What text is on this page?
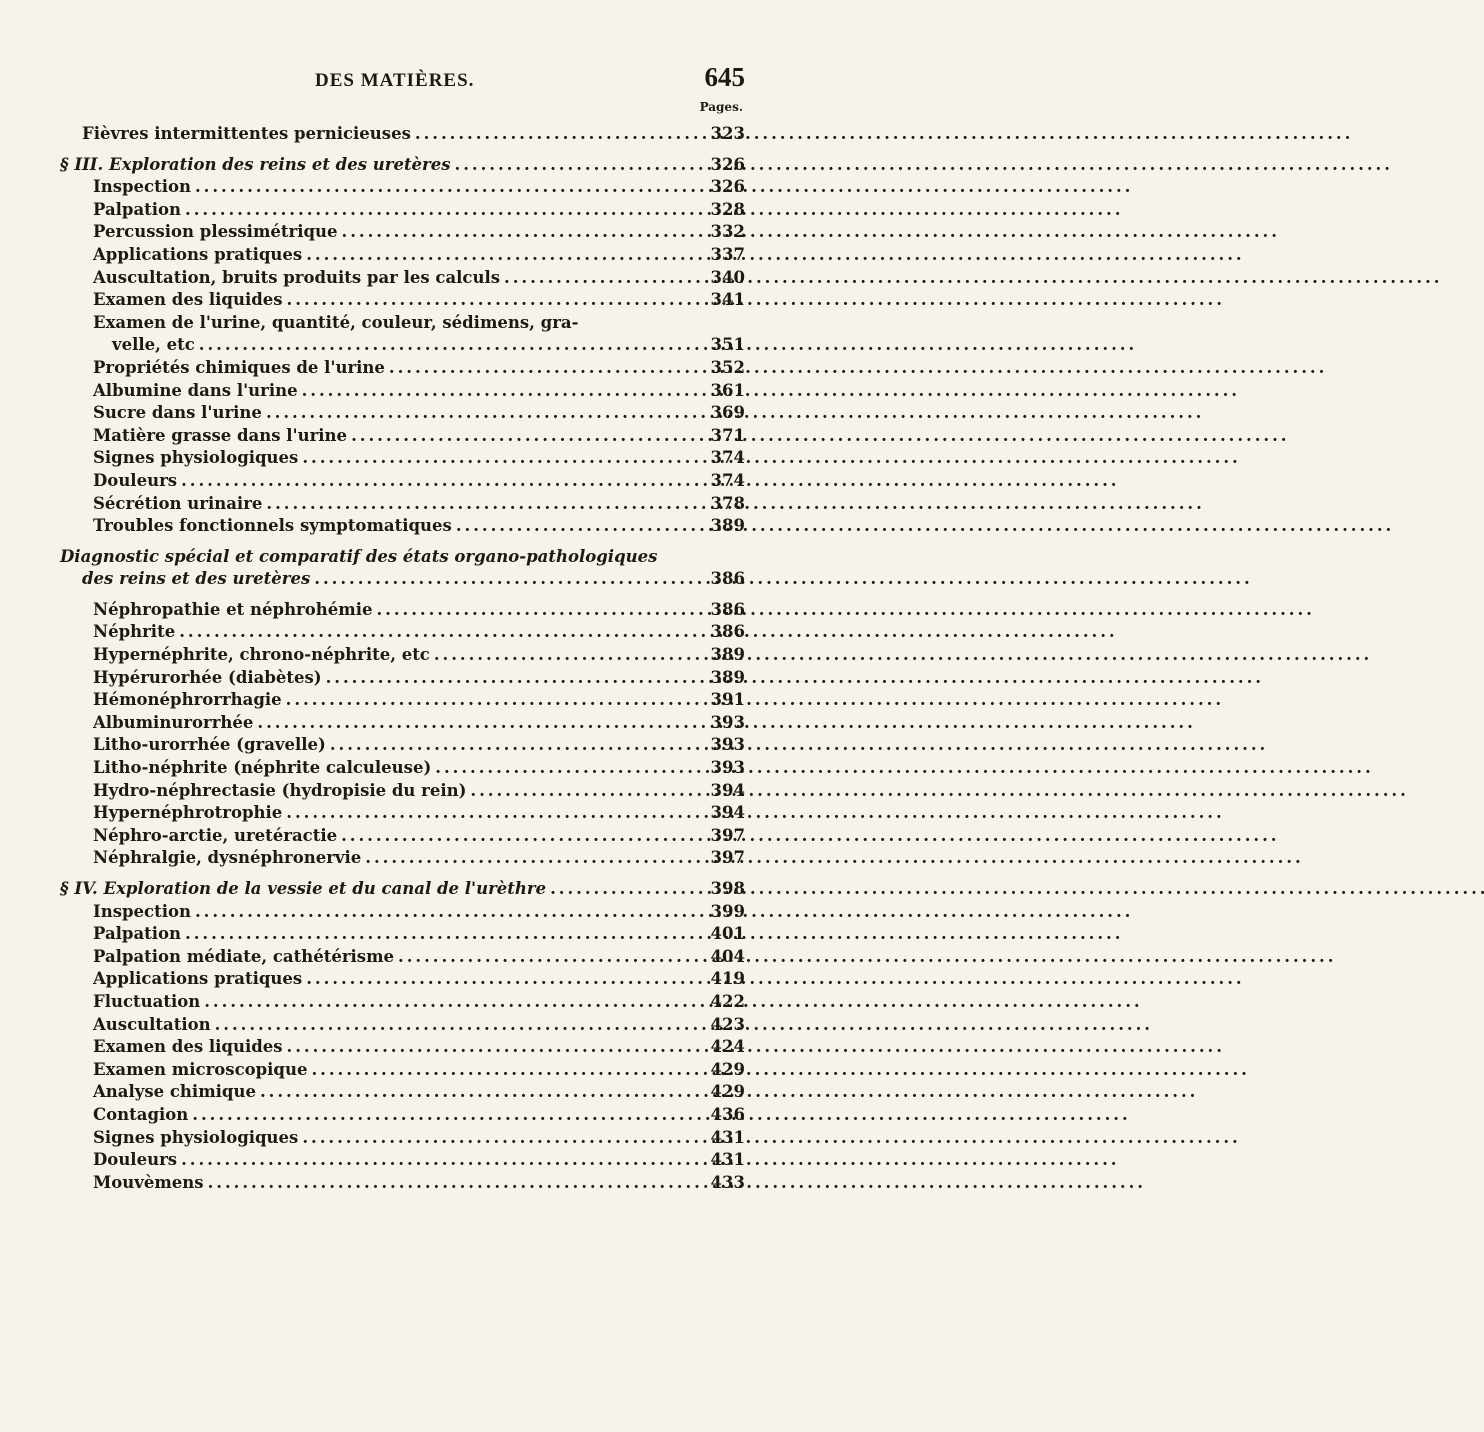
DES MATIÈRES.	645
Pages.
Fièvres intermittentes pernicieuses . . .	323
§ III. Exploration des reins et des uretères . . .	326
Inspection . . .	326
Palpation . . .	328
Percussion plessimétrique . . .	332
Applications pratiques . . .	337
Auscultation, bruits produits par les calculs . . .	340
Examen des liquides . . .	341
Examen de l'urine, quantité, couleur, sédimens, gra-
velle, etc . . .	351
Propriétés chimiques de l'urine . . .	352
Albumine dans l'urine . . .	361
Sucre dans l'urine . . .	369
Matière grasse dans l'urine . . .	371
Signes physiologiques . . .	374
Douleurs . . .	374
Sécrétion urinaire . . .	378
Troubles fonctionnels symptomatiques . . .	389
Diagnostic spécial et comparatif des états organo-pathologiques
des reins et des uretères . . .	386
Néphropathie et néphrohémie . . .	386
Néphrite . . .	386
Hypernéphrite, chrono-néphrite, etc . . .	389
Hypérurorhée (diabètes) . . .	389
Hémonéphrorrhagie . . .	391
Albuminurorrhée . . .	393
Litho-urorrhée (gravelle) . . .	393
Litho-néphrite (néphrite calculeuse) . . .	393
Hydro-néphrectasie (hydropisie du rein) . . .	394
Hypernéphrotrophie . . .	394
Néphro-arctie, uretéractie . . .	397
Néphralgie, dysnéphronervie . . .	397
§ IV. Exploration de la vessie et du canal de l'urèthre . . .	398
Inspection . . .	399
Palpation . . .	401
Palpation médiate, cathétérisme . . .	404
Applications pratiques . . .	419
Fluctuation . . .	422
Auscultation . . .	423
Examen des liquides . . .	424
Examen microscopique . . .	429
Analyse chimique . . .	429
Contagion . . .	436
Signes physiologiques . . .	431
Douleurs . . .	431
Mouvèmens . . .	433
